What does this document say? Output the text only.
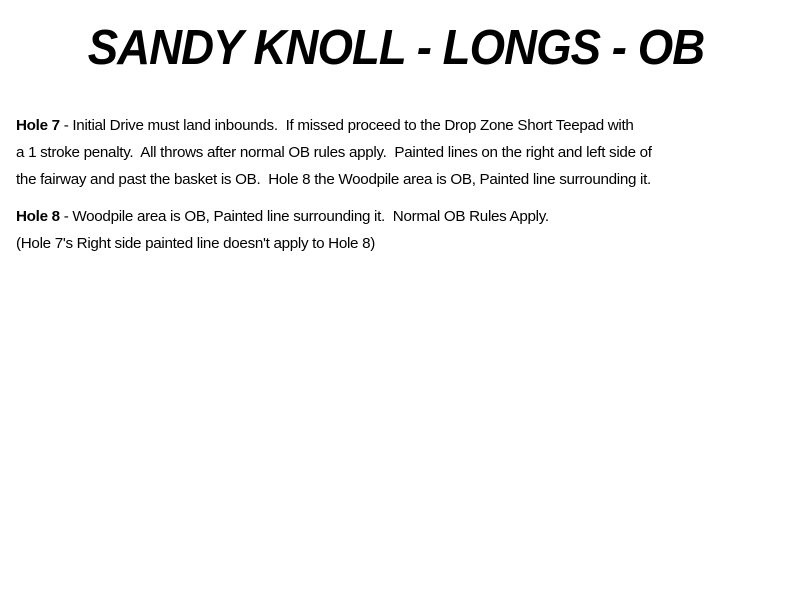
SANDY KNOLL - LONGS - OB
Hole 7 - Initial Drive must land inbounds.  If missed proceed to the Drop Zone Short Teepad with
a 1 stroke penalty.  All throws after normal OB rules apply.  Painted lines on the right and left side of
the fairway and past the basket is OB.  Hole 8 the Woodpile area is OB, Painted line surrounding it.
Hole 8 - Woodpile area is OB, Painted line surrounding it.  Normal OB Rules Apply.
(Hole 7's Right side painted line doesn't apply to Hole 8)
